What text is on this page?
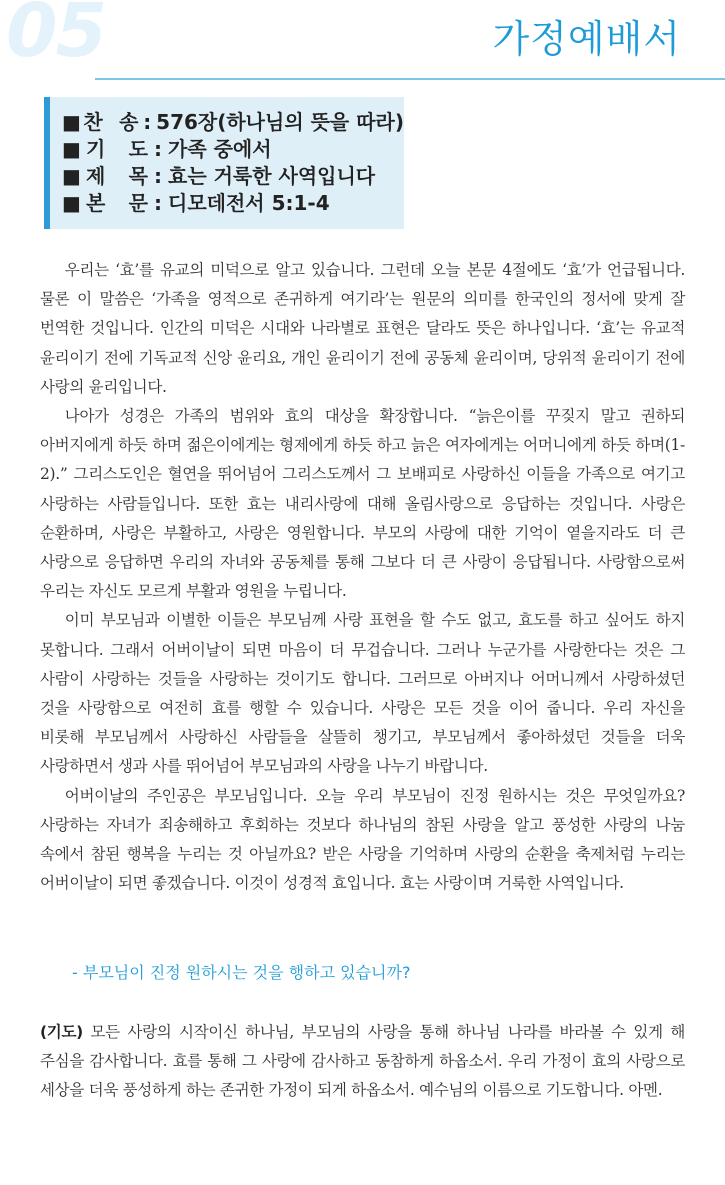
05	가정예배서
■ 찬 송 : 576장(하나님의 뜻을 따라)
■ 기 도 : 가족 중에서
■ 제 목 : 효는 거룩한 사역입니다
■ 본 문 : 디모데전서 5:1-4

우리는 ‘효’를 유교의 미덕으로 알고 있습니다. 그런데 오늘 본문 4절에도 ‘효’가 언급됩니다. 물론 이 말씀은 ‘가족을 영적으로 존귀하게 여기라’는 원문의 의미를 한국인의 정서에 맞게 잘 번역한 것입니다. 인간의 미덕은 시대와 나라별로 표현은 달라도 뜻은 하나입니다. ‘효’는 유교적 윤리이기 전에 기독교적 신앙 윤리요, 개인 윤리이기 전에 공동체 윤리이며, 당위적 윤리이기 전에 사랑의 윤리입니다.

나아가 성경은 가족의 범위와 효의 대상을 확장합니다. “늙은이를 꾸짖지 말고 권하되 아버지에게 하듯 하며 젊은이에게는 형제에게 하듯 하고 늙은 여자에게는 어머니에게 하듯 하며(1-2).” 그리스도인은 혈연을 뛰어넘어 그리스도께서 그 보배피로 사랑하신 이들을 가족으로 여기고 사랑하는 사람들입니다. 또한 효는 내리사랑에 대해 올림사랑으로 응답하는 것입니다. 사랑은 순환하며, 사랑은 부활하고, 사랑은 영원합니다. 부모의 사랑에 대한 기억이 옅을지라도 더 큰 사랑으로 응답하면 우리의 자녀와 공동체를 통해 그보다 더 큰 사랑이 응답됩니다. 사랑함으로써 우리는 자신도 모르게 부활과 영원을 누립니다.

이미 부모님과 이별한 이들은 부모님께 사랑 표현을 할 수도 없고, 효도를 하고 싶어도 하지 못합니다. 그래서 어버이날이 되면 마음이 더 무겁습니다. 그러나 누군가를 사랑한다는 것은 그 사람이 사랑하는 것들을 사랑하는 것이기도 합니다. 그러므로 아버지나 어머니께서 사랑하셨던 것을 사랑함으로 여전히 효를 행할 수 있습니다. 사랑은 모든 것을 이어 줍니다. 우리 자신을 비롯해 부모님께서 사랑하신 사람들을 살뜰히 챙기고, 부모님께서 좋아하셨던 것들을 더욱 사랑하면서 생과 사를 뛰어넘어 부모님과의 사랑을 나누기 바랍니다.

어버이날의 주인공은 부모님입니다. 오늘 우리 부모님이 진정 원하시는 것은 무엇일까요? 사랑하는 자녀가 죄송해하고 후회하는 것보다 하나님의 참된 사랑을 알고 풍성한 사랑의 나눔 속에서 참된 행복을 누리는 것 아닐까요? 받은 사랑을 기억하며 사랑의 순환을 축제처럼 누리는 어버이날이 되면 좋겠습니다. 이것이 성경적 효입니다. 효는 사랑이며 거룩한 사역입니다.

- 부모님이 진정 원하시는 것을 행하고 있습니까?

(기도) 모든 사랑의 시작이신 하나님, 부모님의 사랑을 통해 하나님 나라를 바라볼 수 있게 해 주심을 감사합니다. 효를 통해 그 사랑에 감사하고 동참하게 하옵소서. 우리 가정이 효의 사랑으로 세상을 더욱 풍성하게 하는 존귀한 가정이 되게 하옵소서. 예수님의 이름으로 기도합니다. 아멘.
